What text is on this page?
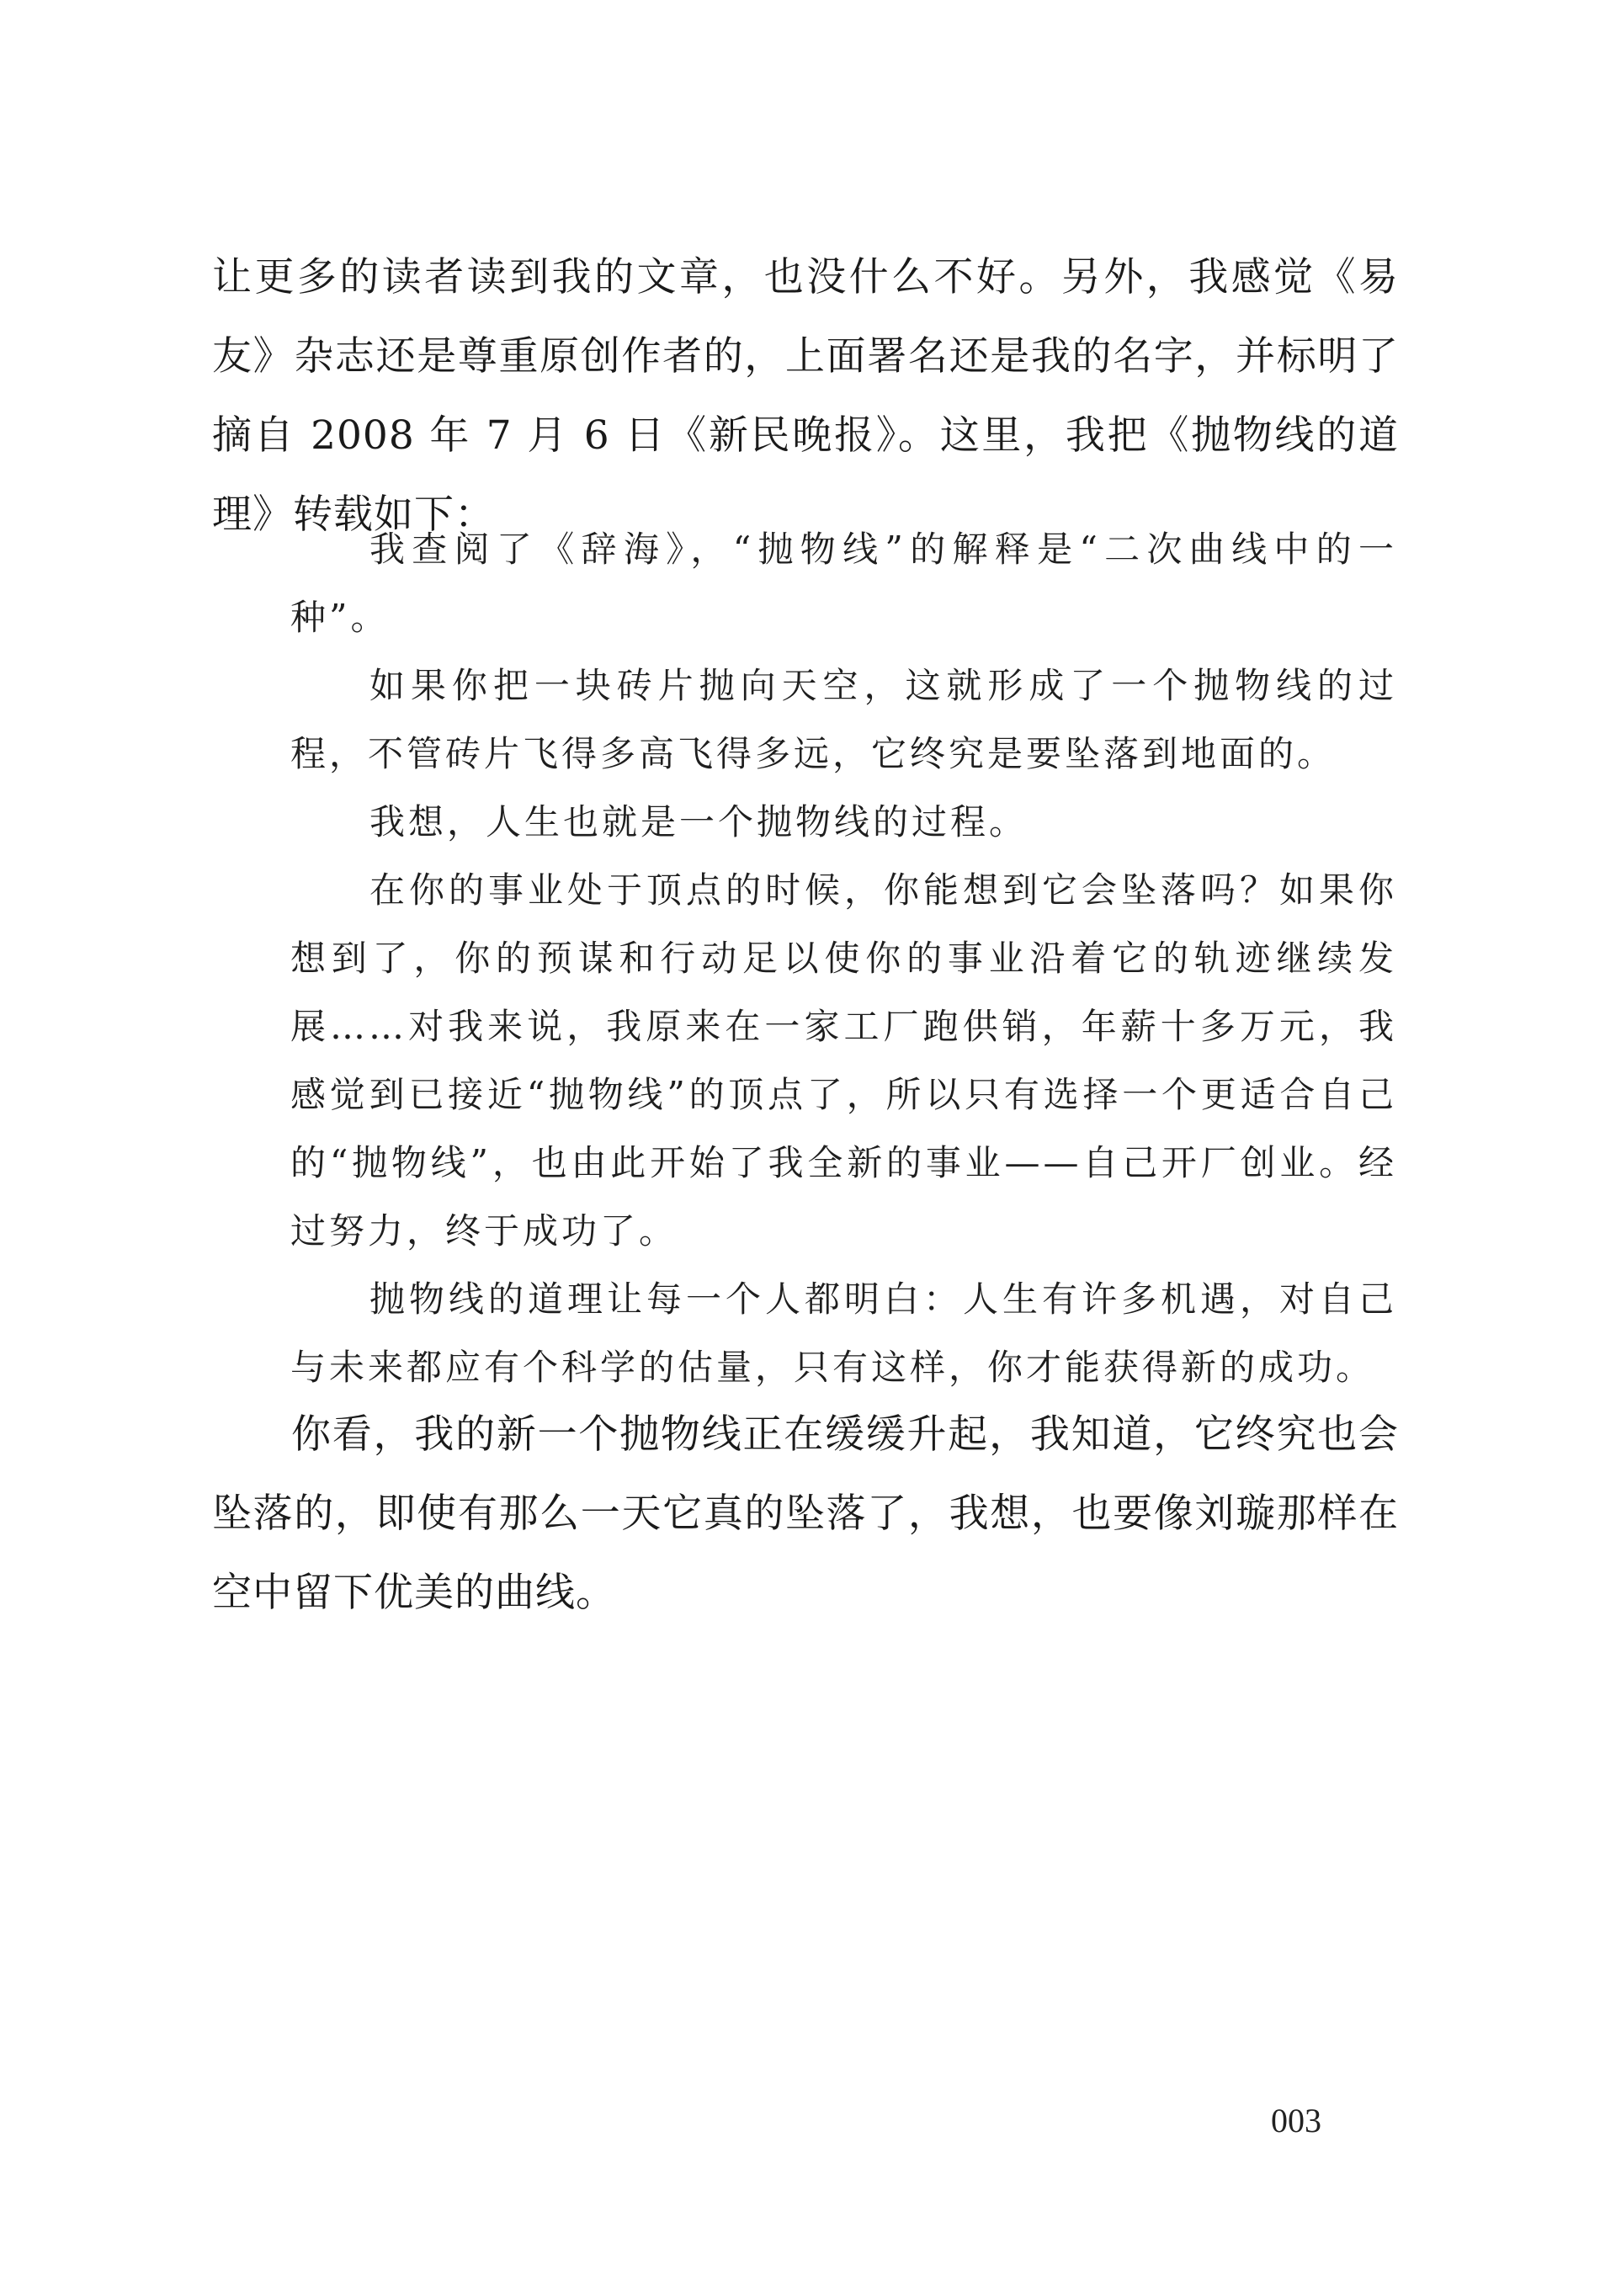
让更多的读者读到我的文章，也没什么不好。另外，我感觉《易友》杂志还是尊重原创作者的，上面署名还是我的名字，并标明了摘自 2008 年 7 月 6 日《新民晚报》。这里，我把《抛物线的道理》转载如下：

我查阅了《辞海》，“抛物线”的解释是“二次曲线中的一种”。

如果你把一块砖片抛向天空，这就形成了一个抛物线的过程，不管砖片飞得多高飞得多远，它终究是要坠落到地面的。

我想，人生也就是一个抛物线的过程。

在你的事业处于顶点的时候，你能想到它会坠落吗？如果你想到了，你的预谋和行动足以使你的事业沿着它的轨迹继续发展……对我来说，我原来在一家工厂跑供销，年薪十多万元，我感觉到已接近“抛物线”的顶点了，所以只有选择一个更适合自己的“抛物线”，也由此开始了我全新的事业——自己开厂创业。经过努力，终于成功了。

抛物线的道理让每一个人都明白：人生有许多机遇，对自己与未来都应有个科学的估量，只有这样，你才能获得新的成功。

你看，我的新一个抛物线正在缓缓升起，我知道，它终究也会坠落的，即使有那么一天它真的坠落了，我想，也要像刘璇那样在空中留下优美的曲线。

003
